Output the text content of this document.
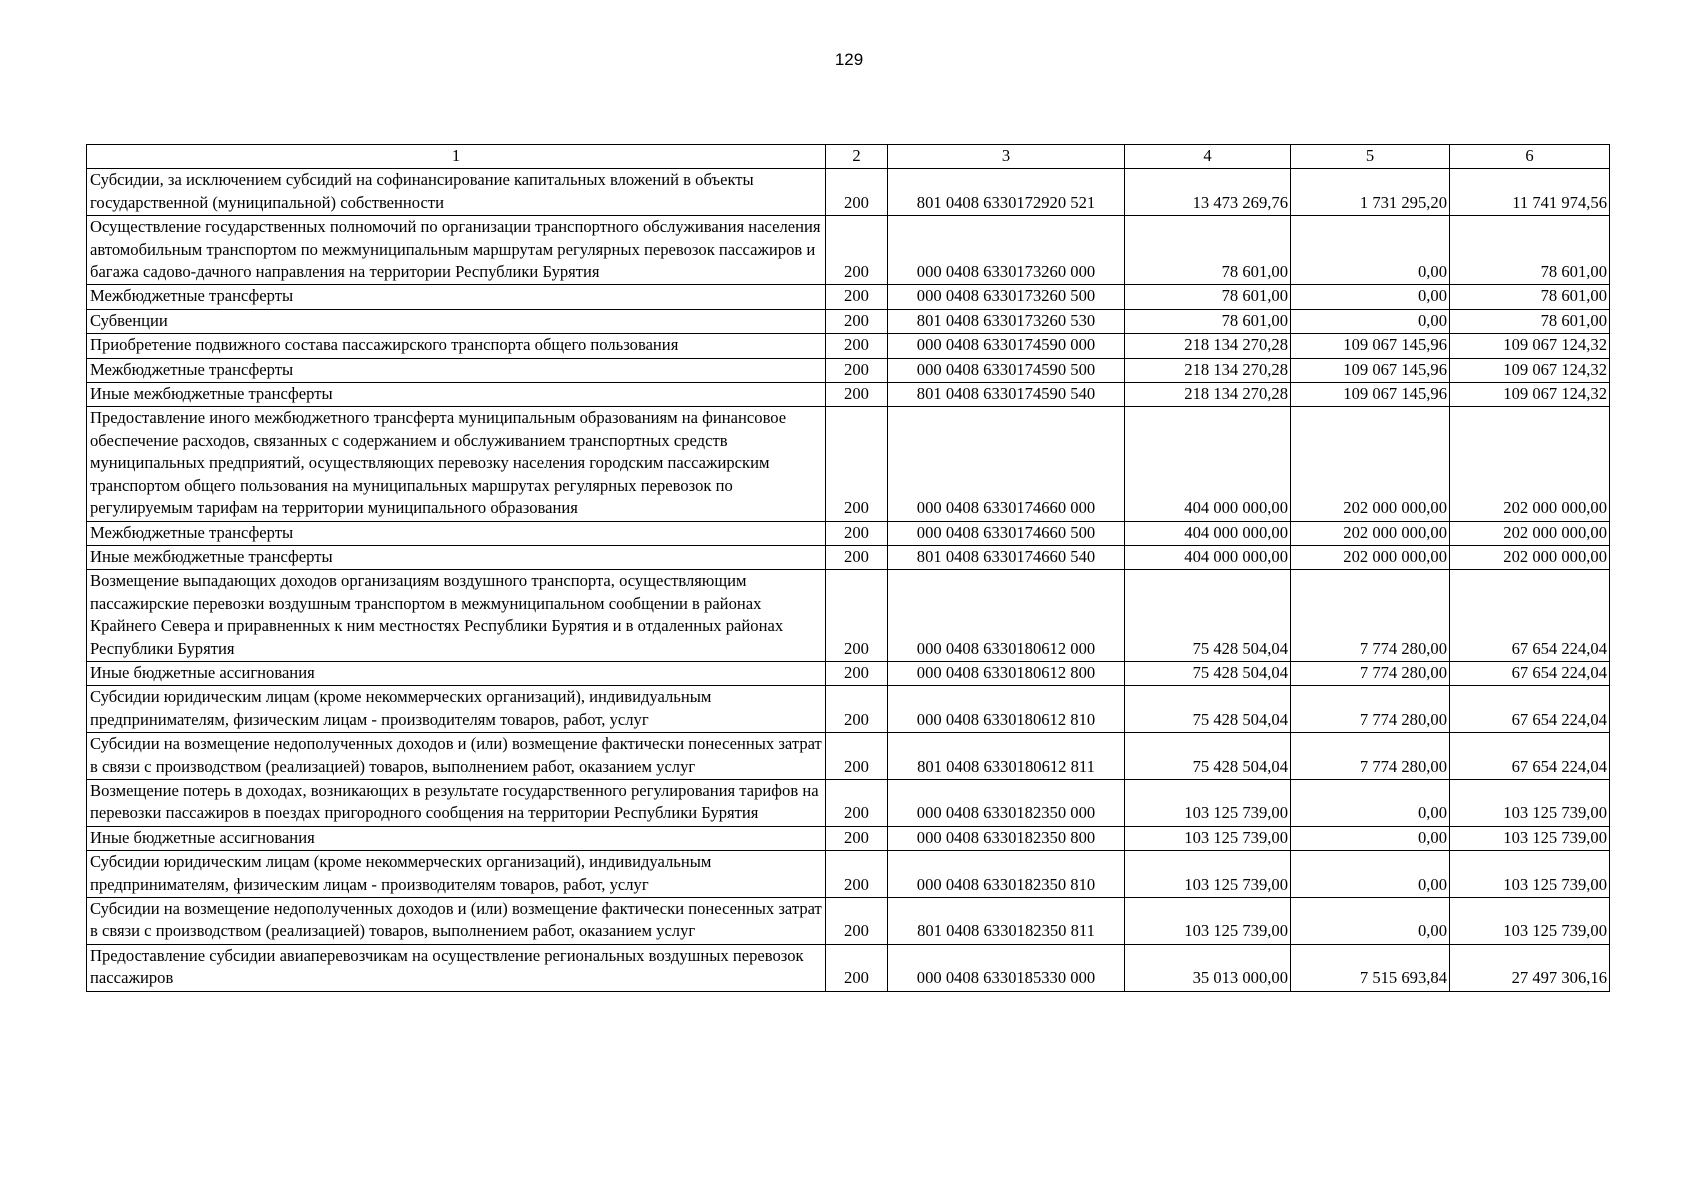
129
1	2	3	4	5	6
Субсидии, за исключением субсидий на софинансирование капитальных вложений в объекты государственной (муниципальной) собственности	200	801 0408 6330172920 521	13 473 269,76	1 731 295,20	11 741 974,56
Осуществление государственных полномочий по организации транспортного обслуживания населения автомобильным транспортом по межмуниципальным маршрутам регулярных перевозок пассажиров и багажа садово-дачного направления на территории Республики Бурятия	200	000 0408 6330173260 000	78 601,00	0,00	78 601,00
Межбюджетные трансферты	200	000 0408 6330173260 500	78 601,00	0,00	78 601,00
Субвенции	200	801 0408 6330173260 530	78 601,00	0,00	78 601,00
Приобретение подвижного состава пассажирского транспорта общего пользования	200	000 0408 6330174590 000	218 134 270,28	109 067 145,96	109 067 124,32
Межбюджетные трансферты	200	000 0408 6330174590 500	218 134 270,28	109 067 145,96	109 067 124,32
Иные межбюджетные трансферты	200	801 0408 6330174590 540	218 134 270,28	109 067 145,96	109 067 124,32
Предоставление иного межбюджетного трансферта муниципальным образованиям на финансовое обеспечение расходов, связанных с содержанием и обслуживанием транспортных средств муниципальных предприятий, осуществляющих перевозку населения городским пассажирским транспортом общего пользования на муниципальных маршрутах регулярных перевозок по регулируемым тарифам на территории муниципального образования	200	000 0408 6330174660 000	404 000 000,00	202 000 000,00	202 000 000,00
Межбюджетные трансферты	200	000 0408 6330174660 500	404 000 000,00	202 000 000,00	202 000 000,00
Иные межбюджетные трансферты	200	801 0408 6330174660 540	404 000 000,00	202 000 000,00	202 000 000,00
Возмещение выпадающих доходов организациям воздушного транспорта, осуществляющим пассажирские перевозки воздушным транспортом в межмуниципальном сообщении в районах Крайнего Севера и приравненных к ним местностях Республики Бурятия и в отдаленных районах Республики Бурятия	200	000 0408 6330180612 000	75 428 504,04	7 774 280,00	67 654 224,04
Иные бюджетные ассигнования	200	000 0408 6330180612 800	75 428 504,04	7 774 280,00	67 654 224,04
Субсидии юридическим лицам (кроме некоммерческих организаций), индивидуальным предпринимателям, физическим лицам - производителям товаров, работ, услуг	200	000 0408 6330180612 810	75 428 504,04	7 774 280,00	67 654 224,04
Субсидии на возмещение недополученных доходов и (или) возмещение фактически понесенных затрат в связи с производством (реализацией) товаров, выполнением работ, оказанием услуг	200	801 0408 6330180612 811	75 428 504,04	7 774 280,00	67 654 224,04
Возмещение потерь в доходах, возникающих в результате государственного регулирования тарифов на перевозки пассажиров в поездах пригородного сообщения на территории Республики Бурятия	200	000 0408 6330182350 000	103 125 739,00	0,00	103 125 739,00
Иные бюджетные ассигнования	200	000 0408 6330182350 800	103 125 739,00	0,00	103 125 739,00
Субсидии юридическим лицам (кроме некоммерческих организаций), индивидуальным предпринимателям, физическим лицам - производителям товаров, работ, услуг	200	000 0408 6330182350 810	103 125 739,00	0,00	103 125 739,00
Субсидии на возмещение недополученных доходов и (или) возмещение фактически понесенных затрат в связи с производством (реализацией) товаров, выполнением работ, оказанием услуг	200	801 0408 6330182350 811	103 125 739,00	0,00	103 125 739,00
Предоставление субсидии авиаперевозчикам на осуществление региональных воздушных перевозок пассажиров	200	000 0408 6330185330 000	35 013 000,00	7 515 693,84	27 497 306,16
